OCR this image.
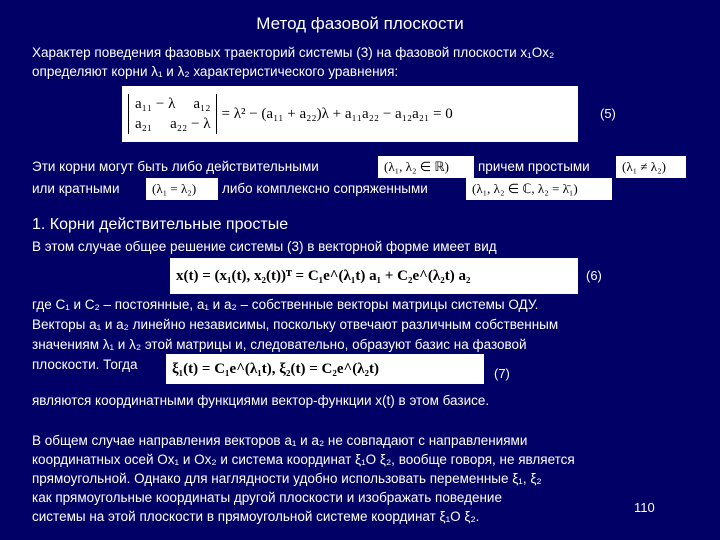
Метод фазовой плоскости
Характер поведения фазовых траекторий системы (3) на фазовой плоскости x₁Ox₂
определяют корни λ₁ и λ₂ характеристического уравнения:
a₁₁ − λ a₁₂
a₂₁ a₂₂ − λ
= λ² − (a₁₁ + a₂₂)λ + a₁₁a₂₂ − a₁₂a₂₁ = 0	(5)
Эти корни могут быть либо действительными	(λ₁, λ₂ ∈ ℝ)	причем простыми	(λ₁ ≠ λ₂)
или кратными	(λ₁ = λ₂)	либо комплексно сопряженными	(λ₁, λ₂ ∈ ℂ, λ₂ = λ̄₁)
1. Корни действительные простые
В этом случае общее решение системы (3) в векторной форме имеет вид
x(t) = (x₁(t), x₂(t))ᵀ = C₁e^(λ₁t) a₁ + C₂e^(λ₂t) a₂	(6)
где C₁ и C₂ – постоянные, a₁ и a₂ – собственные векторы матрицы системы ОДУ.
Векторы a₁ и a₂ линейно независимы, поскольку отвечают различным собственным
значениям λ₁ и λ₂ этой матрицы и, следовательно, образуют базис на фазовой
плоскости. Тогда	ξ₁(t) = C₁e^(λ₁t), ξ₂(t) = C₂e^(λ₂t)	(7)
являются координатными функциями вектор-функции x(t) в этом базисе.
В общем случае направления векторов a₁ и a₂ не совпадают с направлениями
координатных осей Ox₁ и Ox₂ и система координат ξ₁O ξ₂, вообще говоря, не является
прямоугольной. Однако для наглядности удобно использовать переменные ξ₁, ξ₂
как прямоугольные координаты другой плоскости и изображать поведение
системы на этой плоскости в прямоугольной системе координат ξ₁O ξ₂.
110
